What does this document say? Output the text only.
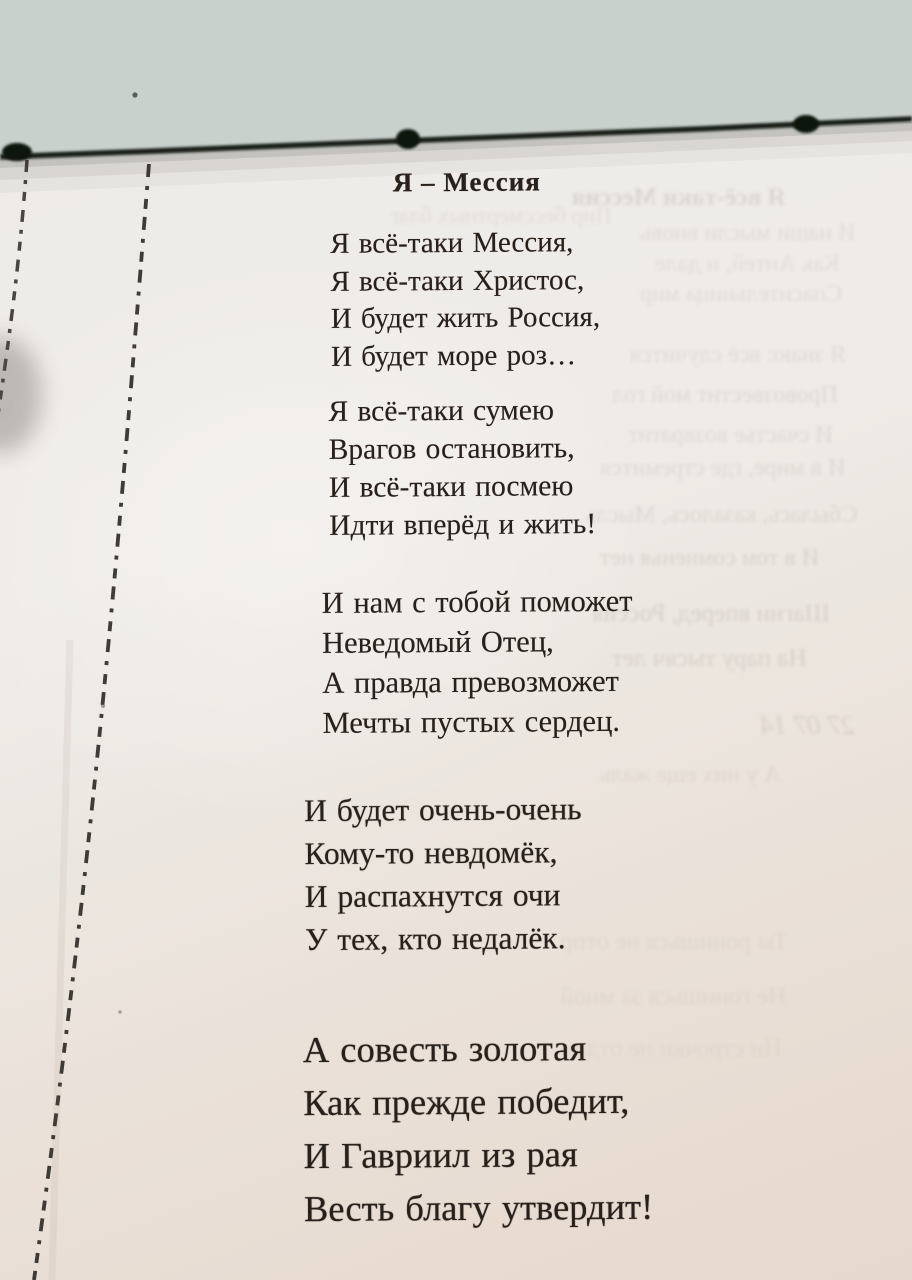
Я всё-таки Мессия
Пир бессмертных благ
И наши мысли вновь
Как Антей, и дале
Спасительница мир
Я знаю: всё случится
Провозвестит мой гол
И счастье возвратит
И в мире, где стремится
Сбылась, казалось, Мысль
И в том сомненья нет
Шагни вперед, Россия
На пару тысяч лет
27 07 14
А у них еще жаль
Ты ронишься не отпр
Не гонишься за мной
Ни строчки не отдам
Я – Мессия
Я всё-таки Мессия,
Я всё-таки Христос,
И будет жить Россия,
И будет море роз…
Я всё-таки сумею
Врагов остановить,
И всё-таки посмею
Идти вперёд и жить!
И нам с тобой поможет
Неведомый Отец,
А правда превозможет
Мечты пустых сердец.
И будет очень-очень
Кому-то невдомёк,
И распахнутся очи
У тех, кто недалёк.
А совесть золотая
Как прежде победит,
И Гавриил из рая
Весть благу утвердит!
